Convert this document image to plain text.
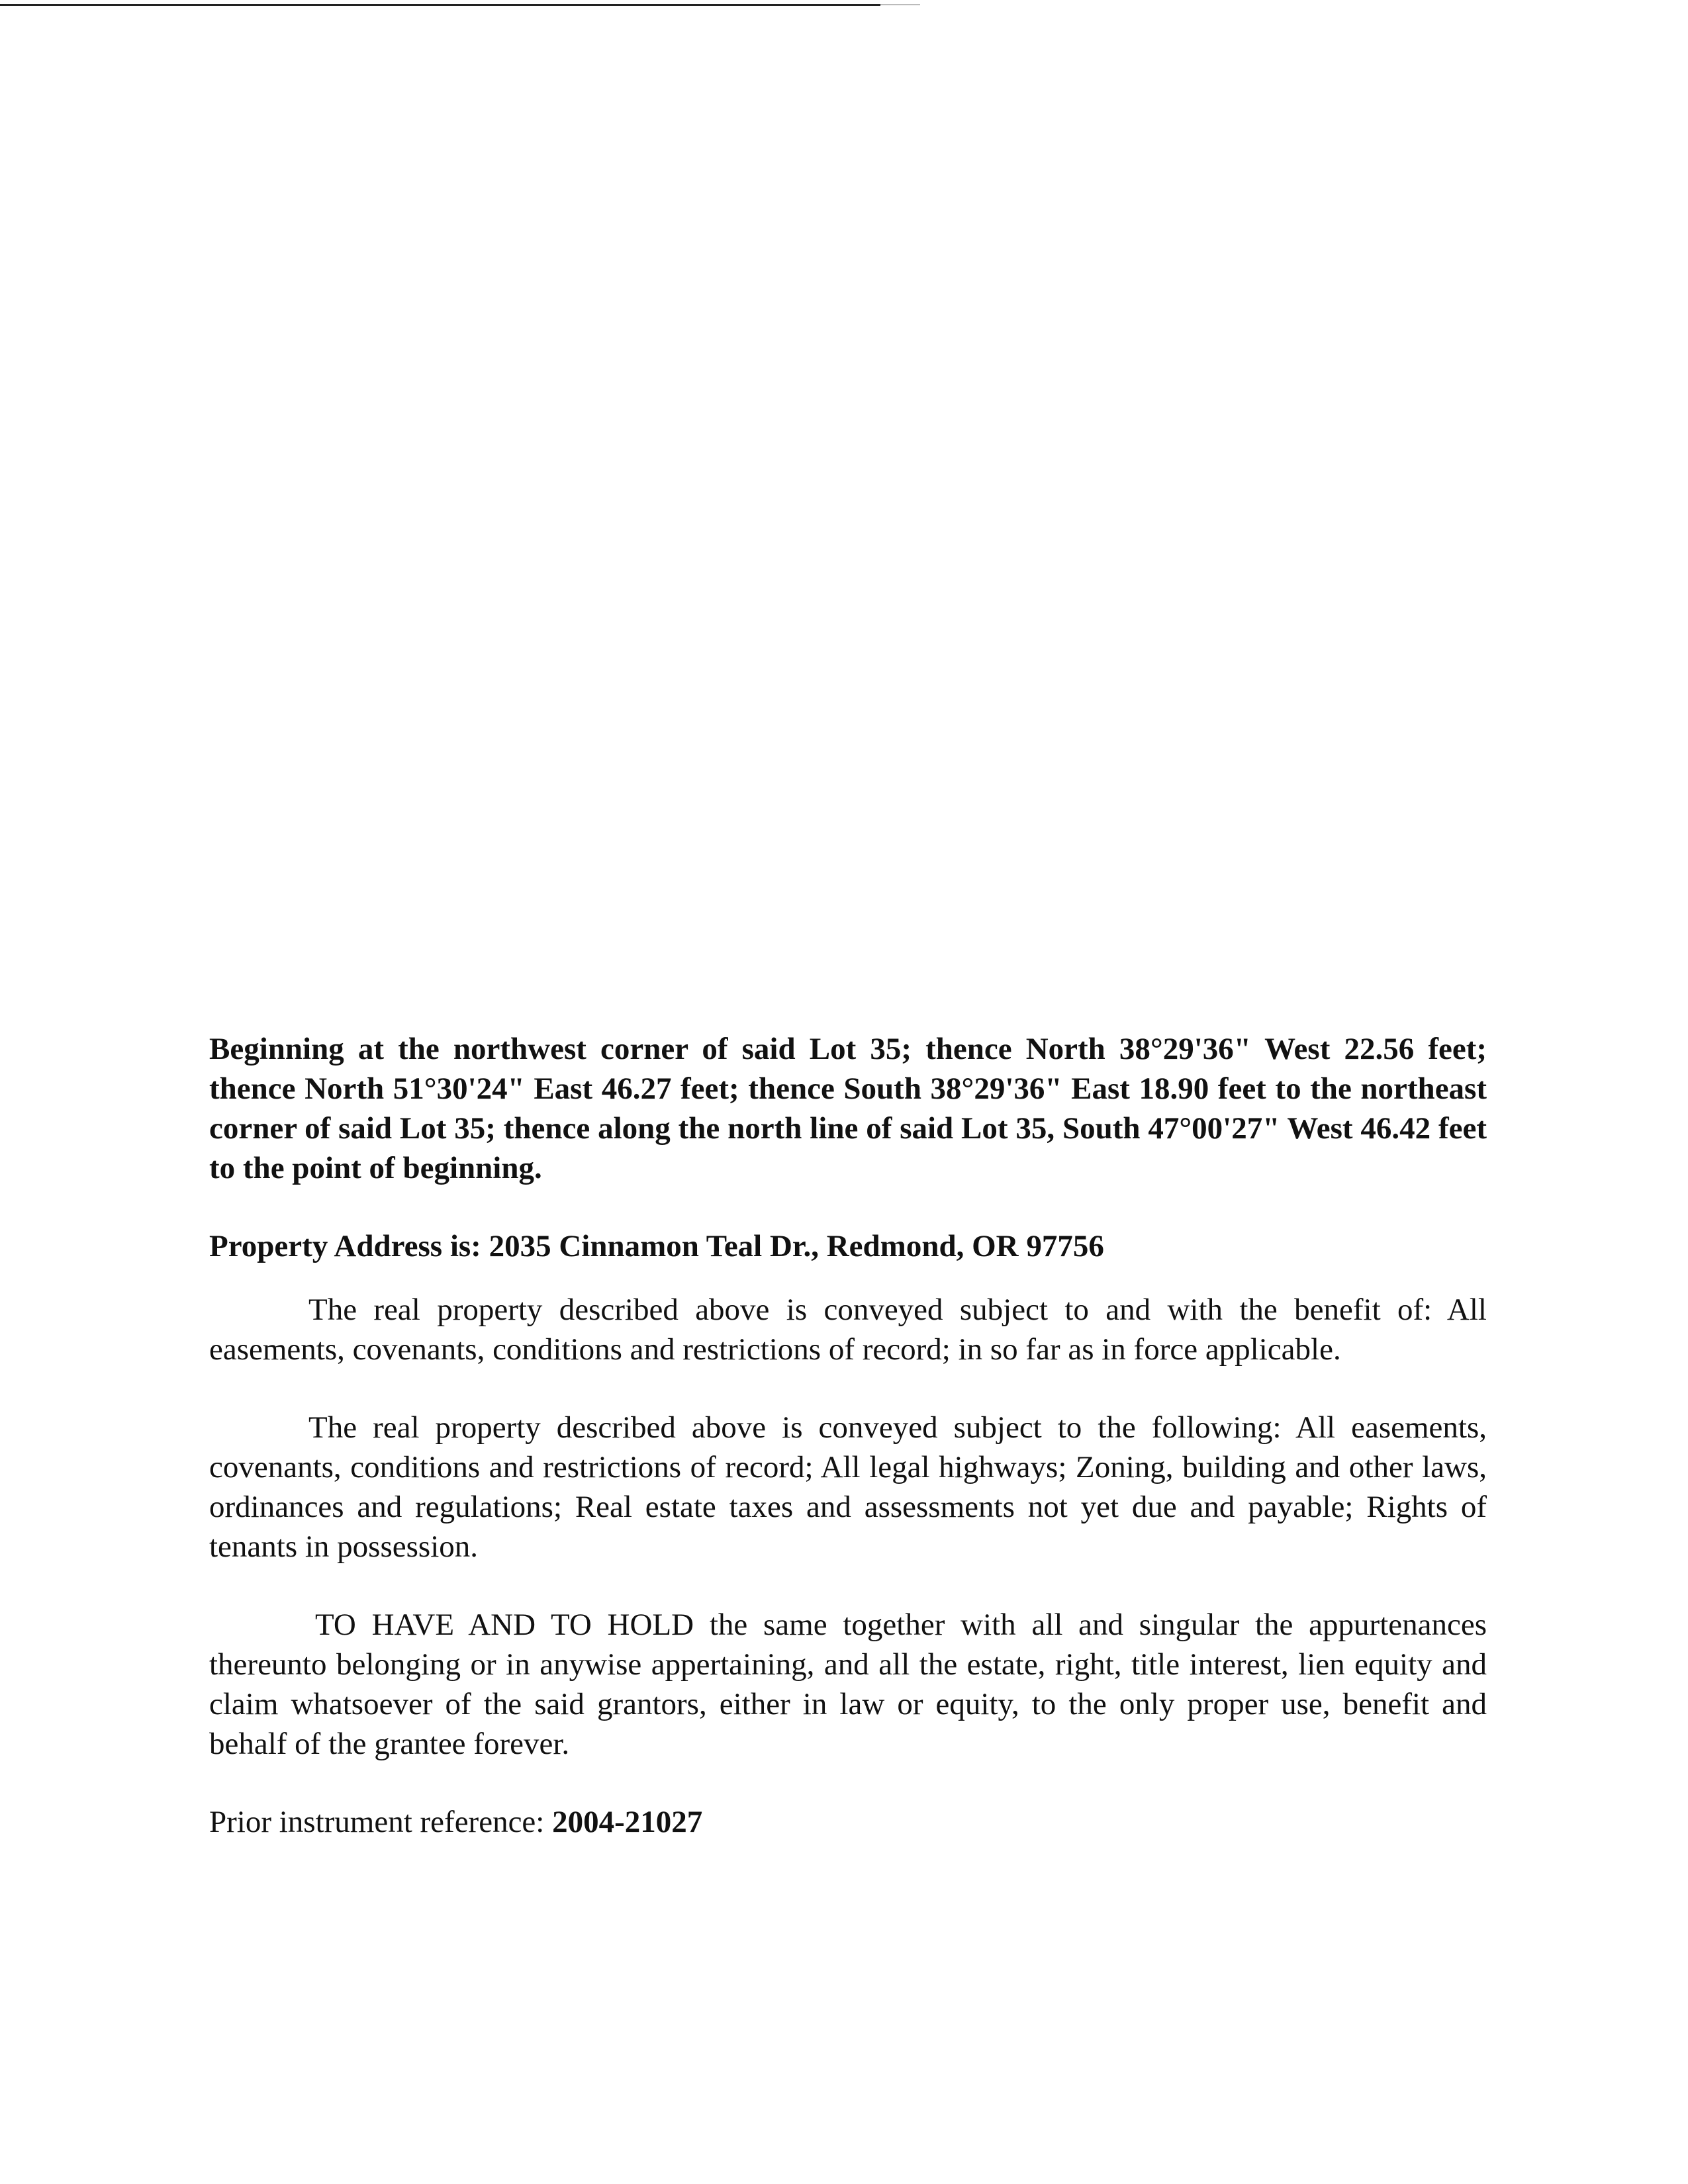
Beginning at the northwest corner of said Lot 35; thence North 38°29'36" West 22.56 feet; thence North 51°30'24" East 46.27 feet; thence South 38°29'36" East 18.90 feet to the northeast corner of said Lot 35; thence along the north line of said Lot 35, South 47°00'27" West 46.42 feet to the point of beginning.

Property Address is: 2035 Cinnamon Teal Dr., Redmond, OR 97756

The real property described above is conveyed subject to and with the benefit of: All easements, covenants, conditions and restrictions of record; in so far as in force applicable.

The real property described above is conveyed subject to the following: All easements, covenants, conditions and restrictions of record; All legal highways; Zoning, building and other laws, ordinances and regulations; Real estate taxes and assessments not yet due and payable; Rights of tenants in possession.

TO HAVE AND TO HOLD the same together with all and singular the appurtenances thereunto belonging or in anywise appertaining, and all the estate, right, title interest, lien equity and claim whatsoever of the said grantors, either in law or equity, to the only proper use, benefit and behalf of the grantee forever.

Prior instrument reference: 2004-21027
